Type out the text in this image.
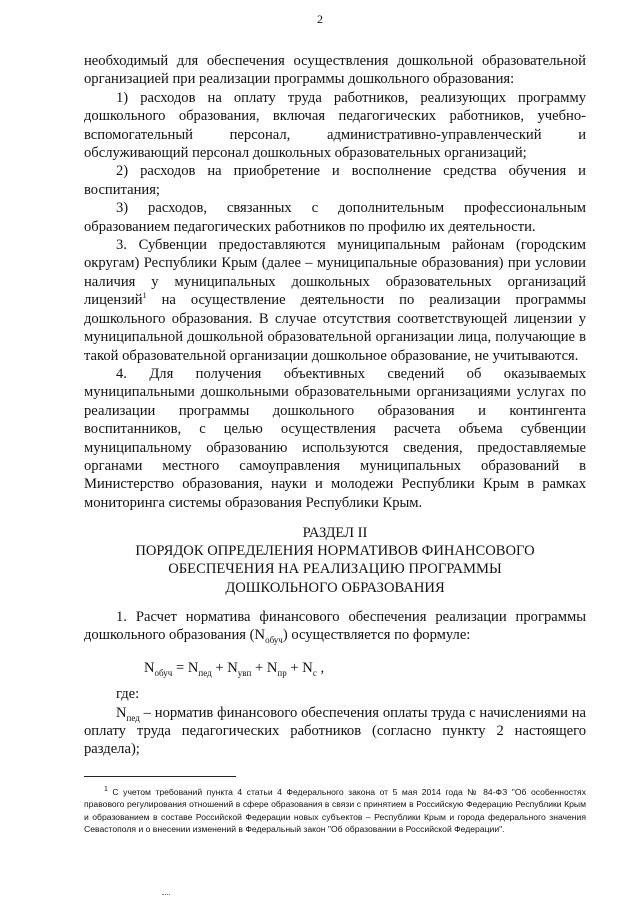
2

необходимый для обеспечения осуществления дошкольной образовательной организацией при реализации программы дошкольного образования:

1) расходов на оплату труда работников, реализующих программу дошкольного образования, включая педагогических работников, учебно-вспомогательный персонал, административно-управленческий и обслуживающий персонал дошкольных образовательных организаций;

2) расходов на приобретение и восполнение средства обучения и воспитания;

3) расходов, связанных с дополнительным профессиональным образованием педагогических работников по профилю их деятельности.

3. Субвенции предоставляются муниципальным районам (городским округам) Республики Крым (далее – муниципальные образования) при условии наличия у муниципальных дошкольных образовательных организаций лицензий$^1$ на осуществление деятельности по реализации программы дошкольного образования. В случае отсутствия соответствующей лицензии у муниципальной дошкольной образовательной организации лица, получающие в такой образовательной организации дошкольное образование, не учитываются.

4. Для получения объективных сведений об оказываемых муниципальными дошкольными образовательными организациями услугах по реализации программы дошкольного образования и контингента воспитанников, с целью осуществления расчета объема субвенции муниципальному образованию используются сведения, предоставляемые органами местного самоуправления муниципальных образований в Министерство образования, науки и молодежи Республики Крым в рамках мониторинга системы образования Республики Крым.

РАЗДЕЛ II
ПОРЯДОК ОПРЕДЕЛЕНИЯ НОРМАТИВОВ ФИНАНСОВОГО
ОБЕСПЕЧЕНИЯ НА РЕАЛИЗАЦИЮ ПРОГРАММЫ
ДОШКОЛЬНОГО ОБРАЗОВАНИЯ

1. Расчет норматива финансового обеспечения реализации программы дошкольного образования $(N_{обуч})$ осуществляется по формуле:

$N_{обуч} = N_{пед} + N_{увп} + N_{пр} + N_с$ ,

где:

$N_{пед}$ – норматив финансового обеспечения оплаты труда с начислениями на оплату труда педагогических работников (согласно пункту 2 настоящего раздела);

$^1$ С учетом требований пункта 4 статьи 4 Федерального закона от 5 мая 2014 года № 84-ФЗ "Об особенностях правового регулирования отношений в сфере образования в связи с принятием в Российскую Федерацию Республики Крым и образованием в составе Российской Федерации новых субъектов – Республики Крым и города федерального значения Севастополя и о внесении изменений в Федеральный закон "Об образовании в Российской Федерации".
